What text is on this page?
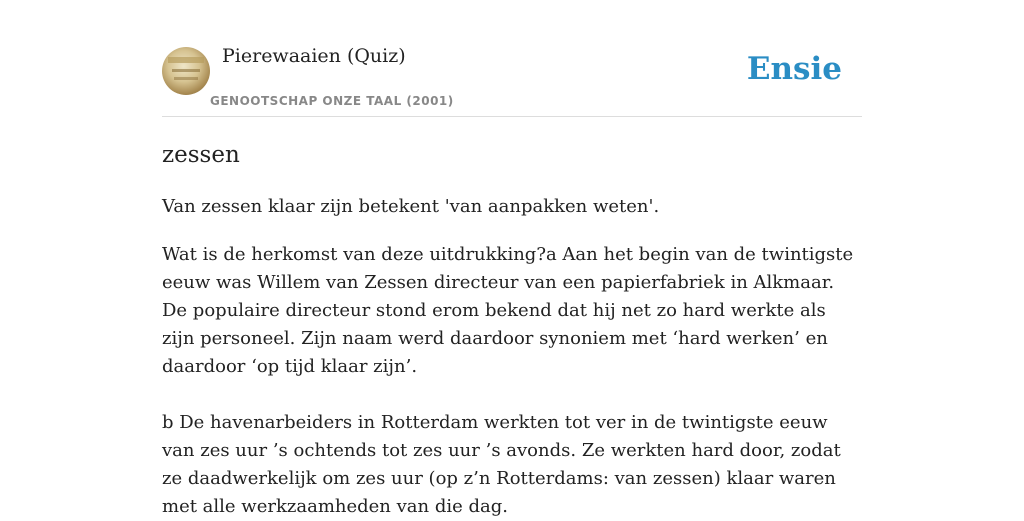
Pierewaaien (Quiz)
GENOOTSCHAP ONZE TAAL (2001)
Ensie
zessen

Van zessen klaar zijn betekent 'van aanpakken weten'.

Wat is de herkomst van deze uitdrukking?a Aan het begin van de twintigste eeuw was Willem van Zessen directeur van een papierfabriek in Alkmaar. De populaire directeur stond erom bekend dat hij net zo hard werkte als zijn personeel. Zijn naam werd daardoor synoniem met ‘hard werken’ en daardoor ‘op tijd klaar zijn’.

b De havenarbeiders in Rotterdam werkten tot ver in de twintigste eeuw van zes uur ’s ochtends tot zes uur ’s avonds. Ze werkten hard door, zodat ze daadwerkelijk om zes uur (op z’n Rotterdams: van zessen) klaar waren met alle werkzaamheden van die dag.
